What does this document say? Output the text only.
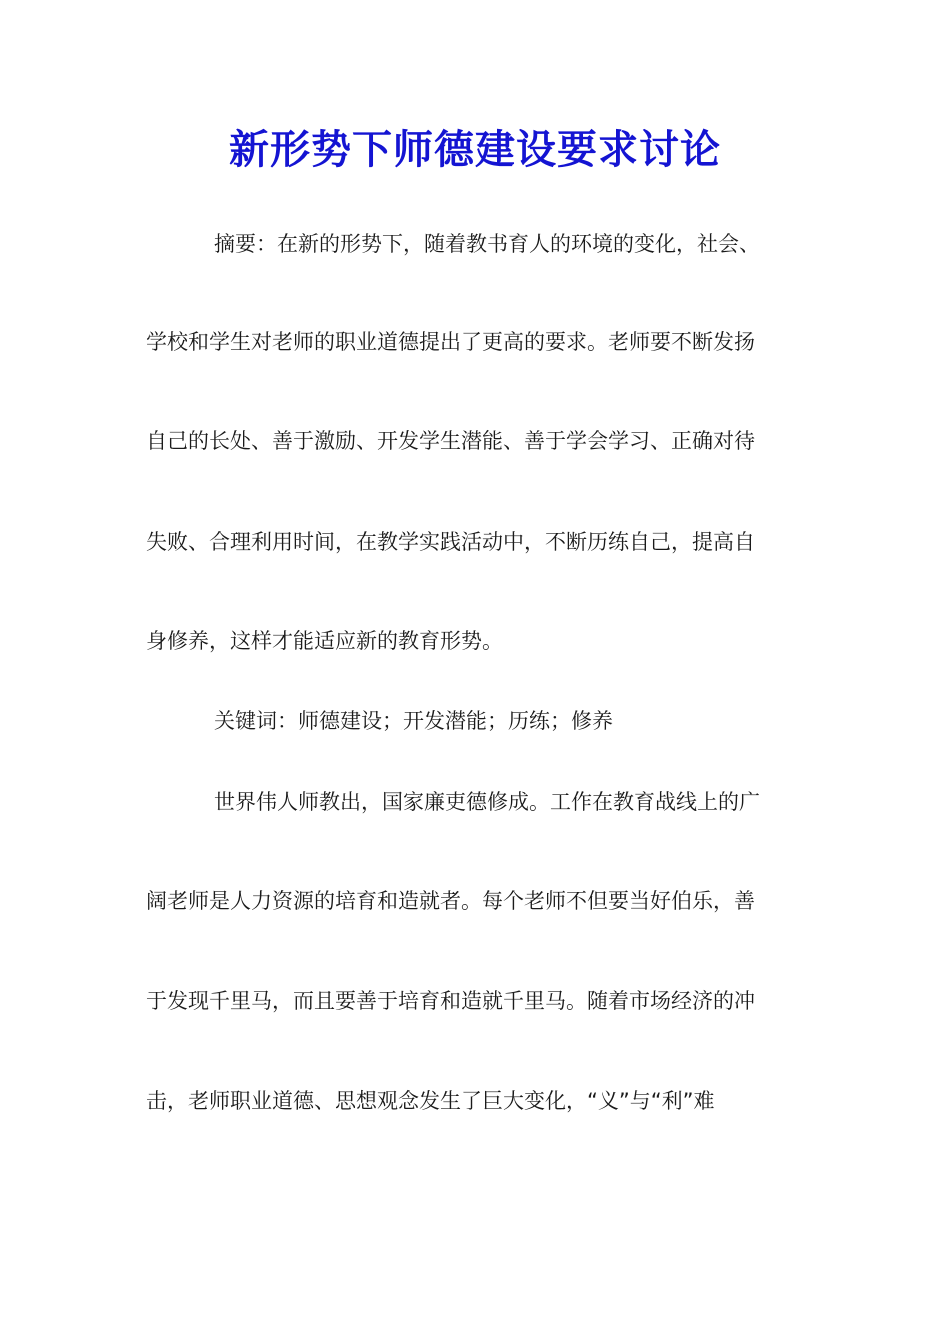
新形势下师德建设要求讨论
摘要：在新的形势下，随着教书育人的环境的变化，社会、
学校和学生对老师的职业道德提出了更高的要求。老师要不断发扬
自己的长处、善于激励、开发学生潜能、善于学会学习、正确对待
失败、合理利用时间，在教学实践活动中，不断历练自己，提高自
身修养，这样才能适应新的教育形势。
关键词：师德建设；开发潜能；历练；修养
世界伟人师教出，国家廉吏德修成。工作在教育战线上的广
阔老师是人力资源的培育和造就者。每个老师不但要当好伯乐，善
于发现千里马，而且要善于培育和造就千里马。随着市场经济的冲
击，老师职业道德、思想观念发生了巨大变化，“义”与“利”难
